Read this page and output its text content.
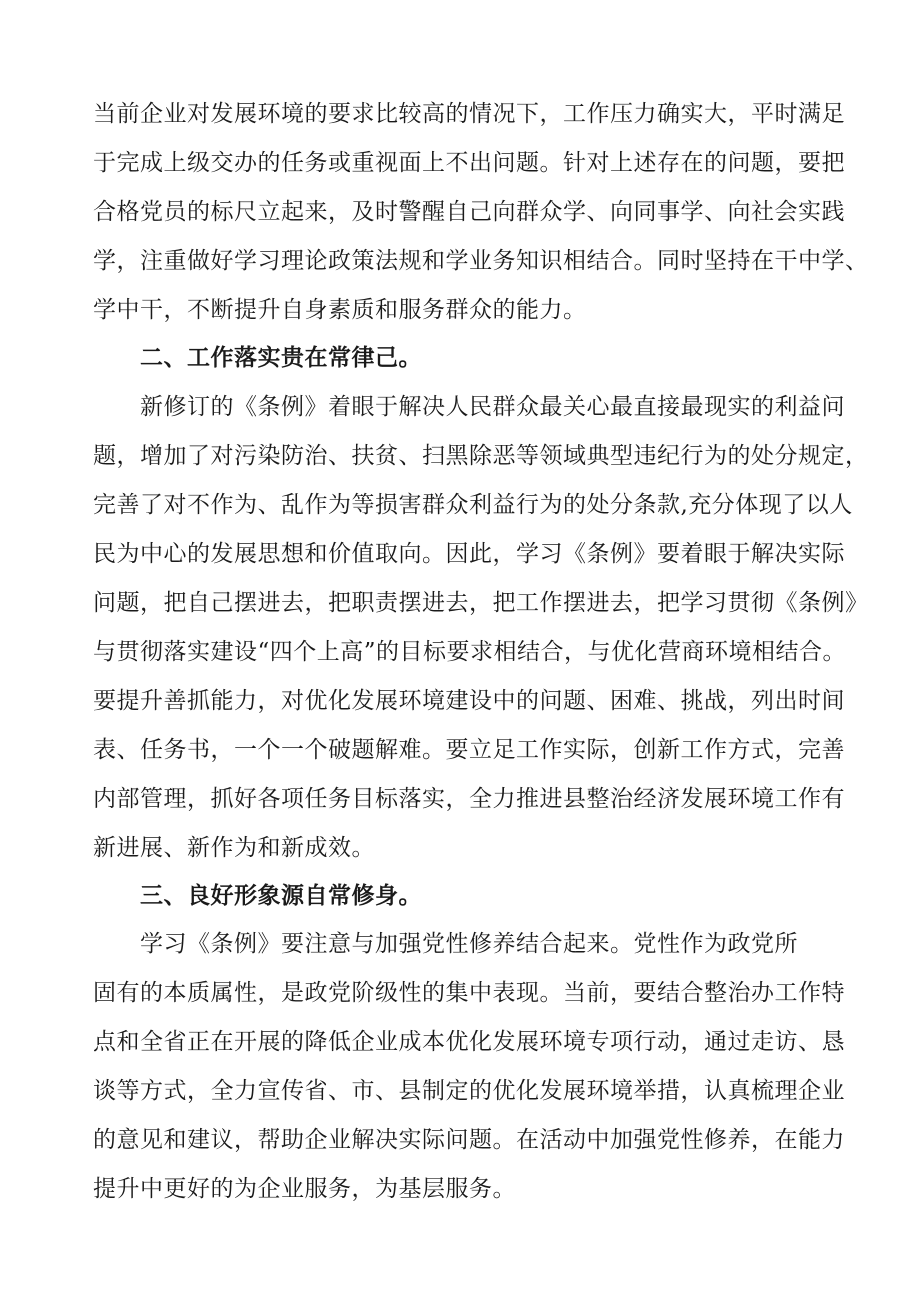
当前企业对发展环境的要求比较高的情况下，工作压力确实大，平时满足
于完成上级交办的任务或重视面上不出问题。针对上述存在的问题，要把
合格党员的标尺立起来，及时警醒自己向群众学、向同事学、向社会实践
学，注重做好学习理论政策法规和学业务知识相结合。同时坚持在干中学、
学中干，不断提升自身素质和服务群众的能力。
二、工作落实贵在常律己。
新修订的《条例》着眼于解决人民群众最关心最直接最现实的利益问
题，增加了对污染防治、扶贫、扫黑除恶等领域典型违纪行为的处分规定，
完善了对不作为、乱作为等损害群众利益行为的处分条款,充分体现了以人
民为中心的发展思想和价值取向。因此，学习《条例》要着眼于解决实际
问题，把自己摆进去，把职责摆进去，把工作摆进去，把学习贯彻《条例》
与贯彻落实建设“四个上高”的目标要求相结合，与优化营商环境相结合。
要提升善抓能力，对优化发展环境建设中的问题、困难、挑战，列出时间
表、任务书，一个一个破题解难。要立足工作实际，创新工作方式，完善
内部管理，抓好各项任务目标落实，全力推进县整治经济发展环境工作有
新进展、新作为和新成效。
三、良好形象源自常修身。
学习《条例》要注意与加强党性修养结合起来。党性作为政党所
固有的本质属性，是政党阶级性的集中表现。当前，要结合整治办工作特
点和全省正在开展的降低企业成本优化发展环境专项行动，通过走访、恳
谈等方式，全力宣传省、市、县制定的优化发展环境举措，认真梳理企业
的意见和建议，帮助企业解决实际问题。在活动中加强党性修养，在能力
提升中更好的为企业服务，为基层服务。
